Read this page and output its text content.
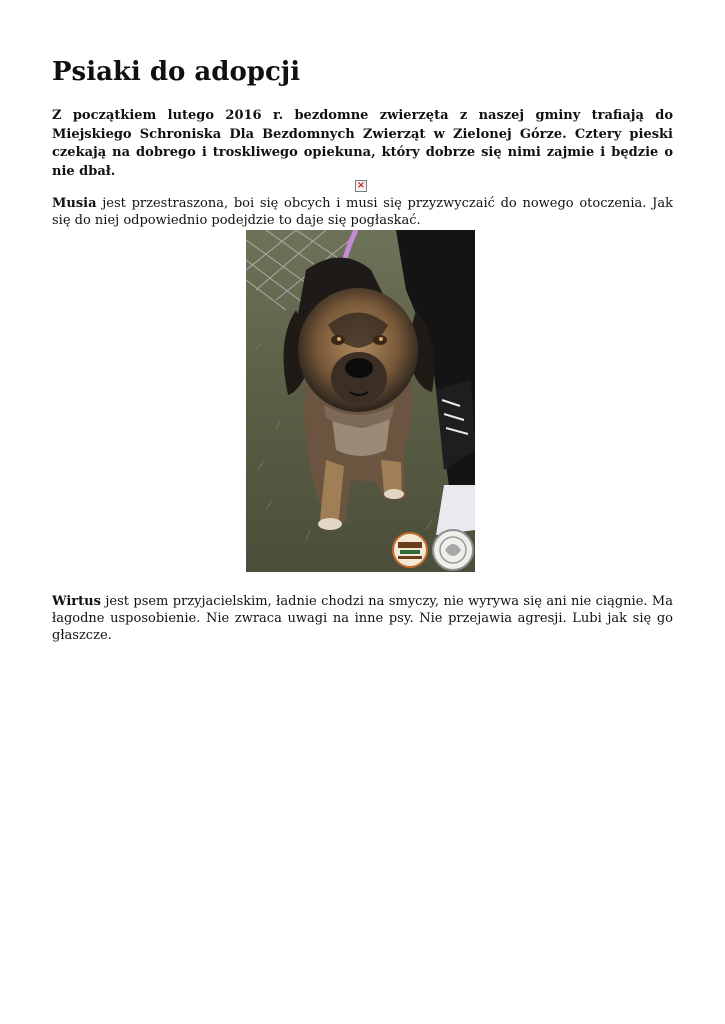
Psiaki do adopcji

Z początkiem lutego 2016 r. bezdomne zwierzęta z naszej gminy trafiają do Miejskiego Schroniska Dla Bezdomnych Zwierząt w Zielonej Górze. Cztery pieski czekają na dobrego i troskliwego opiekuna, który dobrze się nimi zajmie i będzie o nie dbał.

×

Musia jest przestraszona, boi się obcych i musi się przyzwyczaić do nowego otoczenia. Jak się do niej odpowiednio podejdzie to daje się pogłaskać.

Wirtus jest psem przyjacielskim, ładnie chodzi na smyczy, nie wyrywa się ani nie ciągnie. Ma łagodne usposobienie. Nie zwraca uwagi na inne psy. Nie przejawia agresji. Lubi jak się go głaszcze.
